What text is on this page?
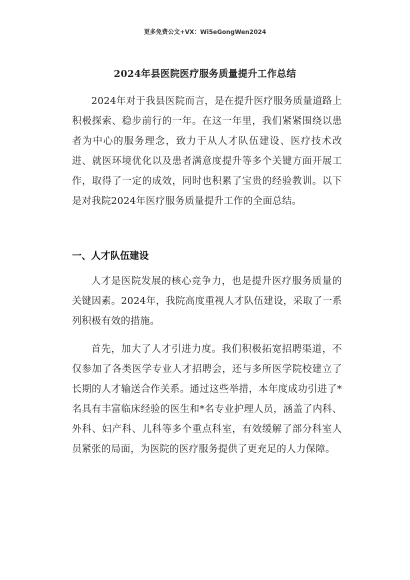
更多免费公文+VX：Wi5eGongWen2024
2024年县医院医疗服务质量提升工作总结

2024年对于我县医院而言，是在提升医疗服务质量道路上积极探索、稳步前行的一年。在这一年里，我们紧紧围绕以患者为中心的服务理念，致力于从人才队伍建设、医疗技术改进、就医环境优化以及患者满意度提升等多个关键方面开展工作，取得了一定的成效，同时也积累了宝贵的经验教训。以下是对我院2024年医疗服务质量提升工作的全面总结。

一、人才队伍建设

人才是医院发展的核心竞争力，也是提升医疗服务质量的关键因素。2024年，我院高度重视人才队伍建设，采取了一系列积极有效的措施。

首先，加大了人才引进力度。我们积极拓宽招聘渠道，不仅参加了各类医学专业人才招聘会，还与多所医学院校建立了长期的人才输送合作关系。通过这些举措，本年度成功引进了*名具有丰富临床经验的医生和*名专业护理人员，涵盖了内科、外科、妇产科、儿科等多个重点科室，有效缓解了部分科室人员紧张的局面，为医院的医疗服务提供了更充足的人力保障。
